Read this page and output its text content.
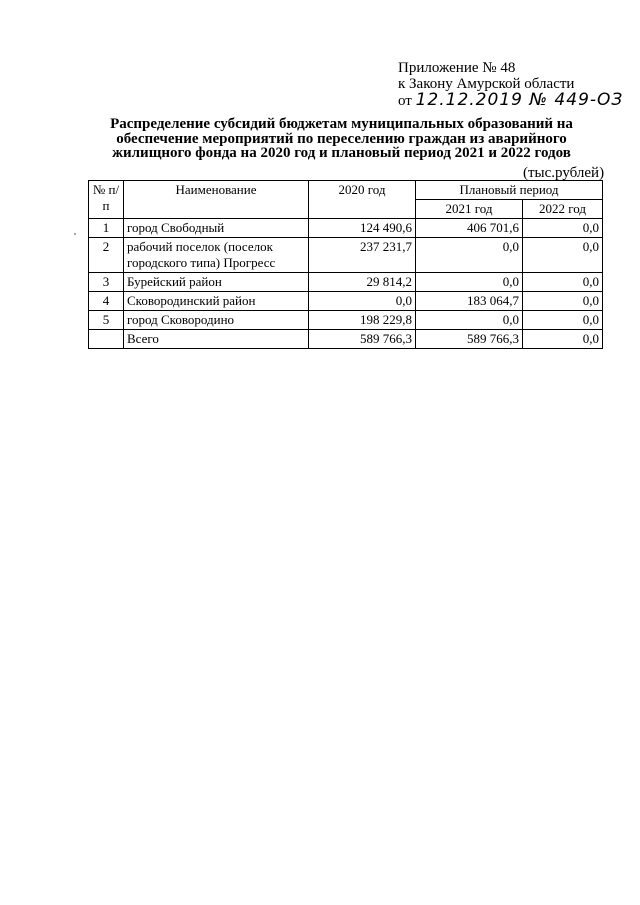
Приложение № 48
к Закону Амурской области
от 12.12.2019 № 449-ОЗ
Распределение субсидий бюджетам муниципальных образований на
обеспечение мероприятий по переселению граждан из аварийного
жилищного фонда на 2020 год и плановый период 2021 и 2022 годов
(тыс.рублей)
№ п/п	Наименование	2020 год	Плановый период	
			2021 год	2022 год
1	город Свободный	124 490,6	406 701,6	0,0
2	рабочий поселок (поселок городского типа) Прогресс	237 231,7	0,0	0,0
3	Бурейский район	29 814,2	0,0	0,0
4	Сковородинский район	0,0	183 064,7	0,0
5	город Сковородино	198 229,8	0,0	0,0
	Всего	589 766,3	589 766,3	0,0
